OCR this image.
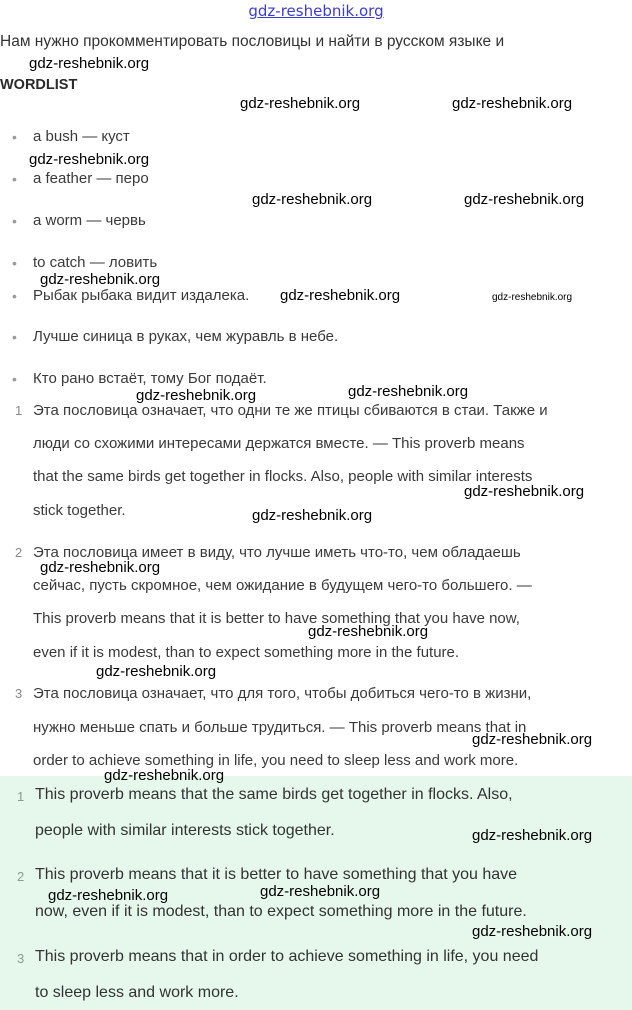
gdz-reshebnik.org
Нам нужно прокомментировать пословицы и найти в русском языке и
WORDLIST
• a bush — куст
• a feather — перо
• a worm — червь
• to catch — ловить
• Рыбак рыбака видит издалека.
• Лучше синица в руках, чем журавль в небе.
• Кто рано встаёт, тому Бог подаёт.
1 Эта пословица означает, что одни те же птицы сбиваются в стаи. Также и
люди со схожими интересами держатся вместе. — This proverb means
that the same birds get together in flocks. Also, people with similar interests
stick together.
2 Эта пословица имеет в виду, что лучше иметь что-то, чем обладаешь
сейчас, пусть скромное, чем ожидание в будущем чего-то большего. —
This proverb means that it is better to have something that you have now,
even if it is modest, than to expect something more in the future.
3 Эта пословица означает, что для того, чтобы добиться чего-то в жизни,
нужно меньше спать и больше трудиться. — This proverb means that in
order to achieve something in life, you need to sleep less and work more.
1 This proverb means that the same birds get together in flocks. Also,
people with similar interests stick together.
2 This proverb means that it is better to have something that you have
now, even if it is modest, than to expect something more in the future.
3 This proverb means that in order to achieve something in life, you need
to sleep less and work more.
gdz-reshebnik.org
gdz-reshebnik.org	gdz-reshebnik.org
gdz-reshebnik.org
gdz-reshebnik.org	gdz-reshebnik.org
gdz-reshebnik.org
gdz-reshebnik.org	gdz-reshebnik.org
gdz-reshebnik.org
gdz-reshebnik.org
gdz-reshebnik.org
gdz-reshebnik.org
gdz-reshebnik.org
gdz-reshebnik.org
gdz-reshebnik.org
gdz-reshebnik.org
gdz-reshebnik.org
gdz-reshebnik.org
gdz-reshebnik.org	gdz-reshebnik.org
gdz-reshebnik.org
